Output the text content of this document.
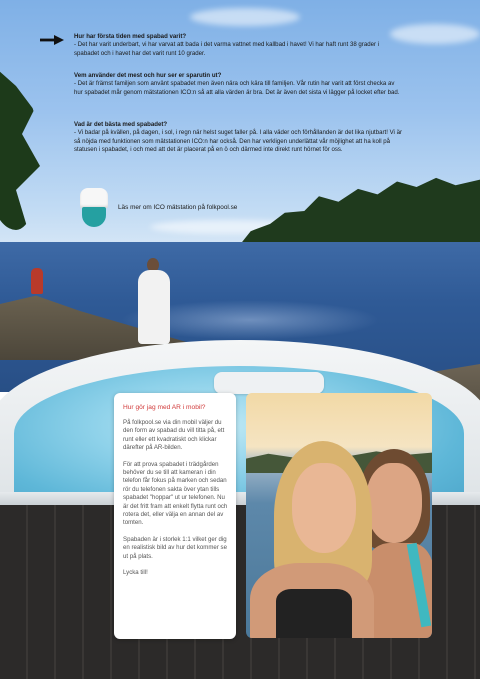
Hur har första tiden med spabad varit?

- Det har varit underbart, vi har varvat att bada i det varma vattnet med kallbad i havet! Vi har haft runt 38 grader i spabadet och i havet har det varit runt 10 grader.

Vem använder det mest och hur ser er sparutin ut?

- Det är främst familjen som använt spabadet men även nära och kära till familjen. Vår rutin har varit att först checka av hur spabadet mår genom mätstationen ICO:n så att alla värden är bra. Det är även det sista vi lägger på locket efter bad.

Vad är det bästa med spabadet?

- Vi badar på kvällen, på dagen, i sol, i regn när helst suget faller på. I alla väder och förhållanden är det lika njutbart! Vi är så nöjda med funktionen som mätstationen ICO:n har också. Den har verkligen underlättat vår möjlighet att ha koll på statusen i spabadet, i och med att det är placerat på en ö och därmed inte direkt runt hörnet för oss.

Läs mer om ICO mätstation på folkpool.se
Hur gör jag med AR i mobil?

På folkpool.se via din mobil väljer du den form av spabad du vill titta på, ett runt eller ett kvadratiskt och klickar därefter på AR-bilden.

För att prova spabadet i trädgården behöver du se till att kameran i din telefon får fokus på marken och sedan rör du telefonen sakta över ytan tills spabadet "hoppar" ut ur telefonen. Nu är det fritt fram att enkelt flytta runt och rotera det, eller välja en annan del av tomten.

Spabaden är i storlek 1:1 vilket ger dig en realistisk bild av hur det kommer se ut på plats.

Lycka till!
